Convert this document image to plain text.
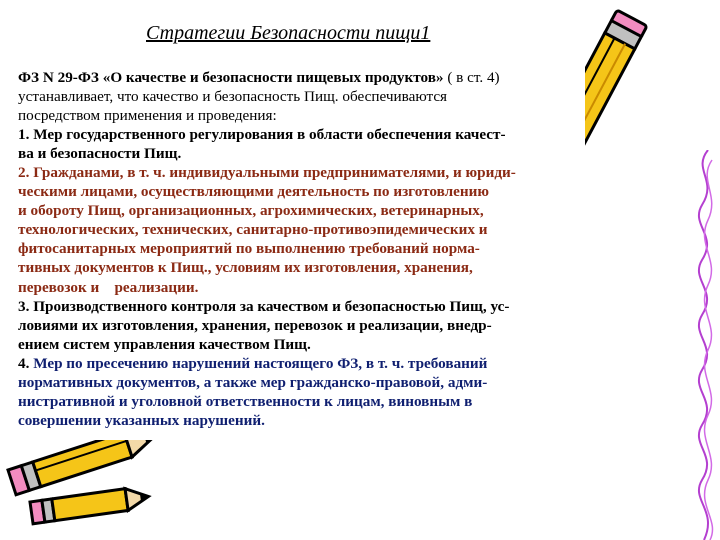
Стратегии Безопасности пищи1

ФЗ N 29-ФЗ «О качестве и безопасности пищевых продуктов» ( в ст. 4)
устанавливает, что качество и безопасность Пищ. обеспечиваются
посредством применения и проведения:

1. Мер государственного регулирования в области обеспечения качест-
ва и безопасности Пищ.

2. Гражданами, в т. ч. индивидуальными предпринимателями, и юриди-
ческими лицами, осуществляющими деятельность по изготовлению
и обороту Пищ, организационных, агрохимических, ветеринарных,
технологических, технических, санитарно-противоэпидемических и
фитосанитарных мероприятий по выполнению требований норма-
тивных документов к Пищ., условиям их изготовления, хранения,
перевозок и    реализации.

3. Производственного контроля за качеством и безопасностью Пищ, ус-
ловиями их изготовления, хранения, перевозок и реализации, внедр-
ением систем управления качеством Пищ.

4. Мер по пресечению нарушений настоящего ФЗ, в т. ч. требований
нормативных документов, а также мер гражданско-правовой, адми-
нистративной и уголовной ответственности к лицам, виновным в
совершении указанных нарушений.
